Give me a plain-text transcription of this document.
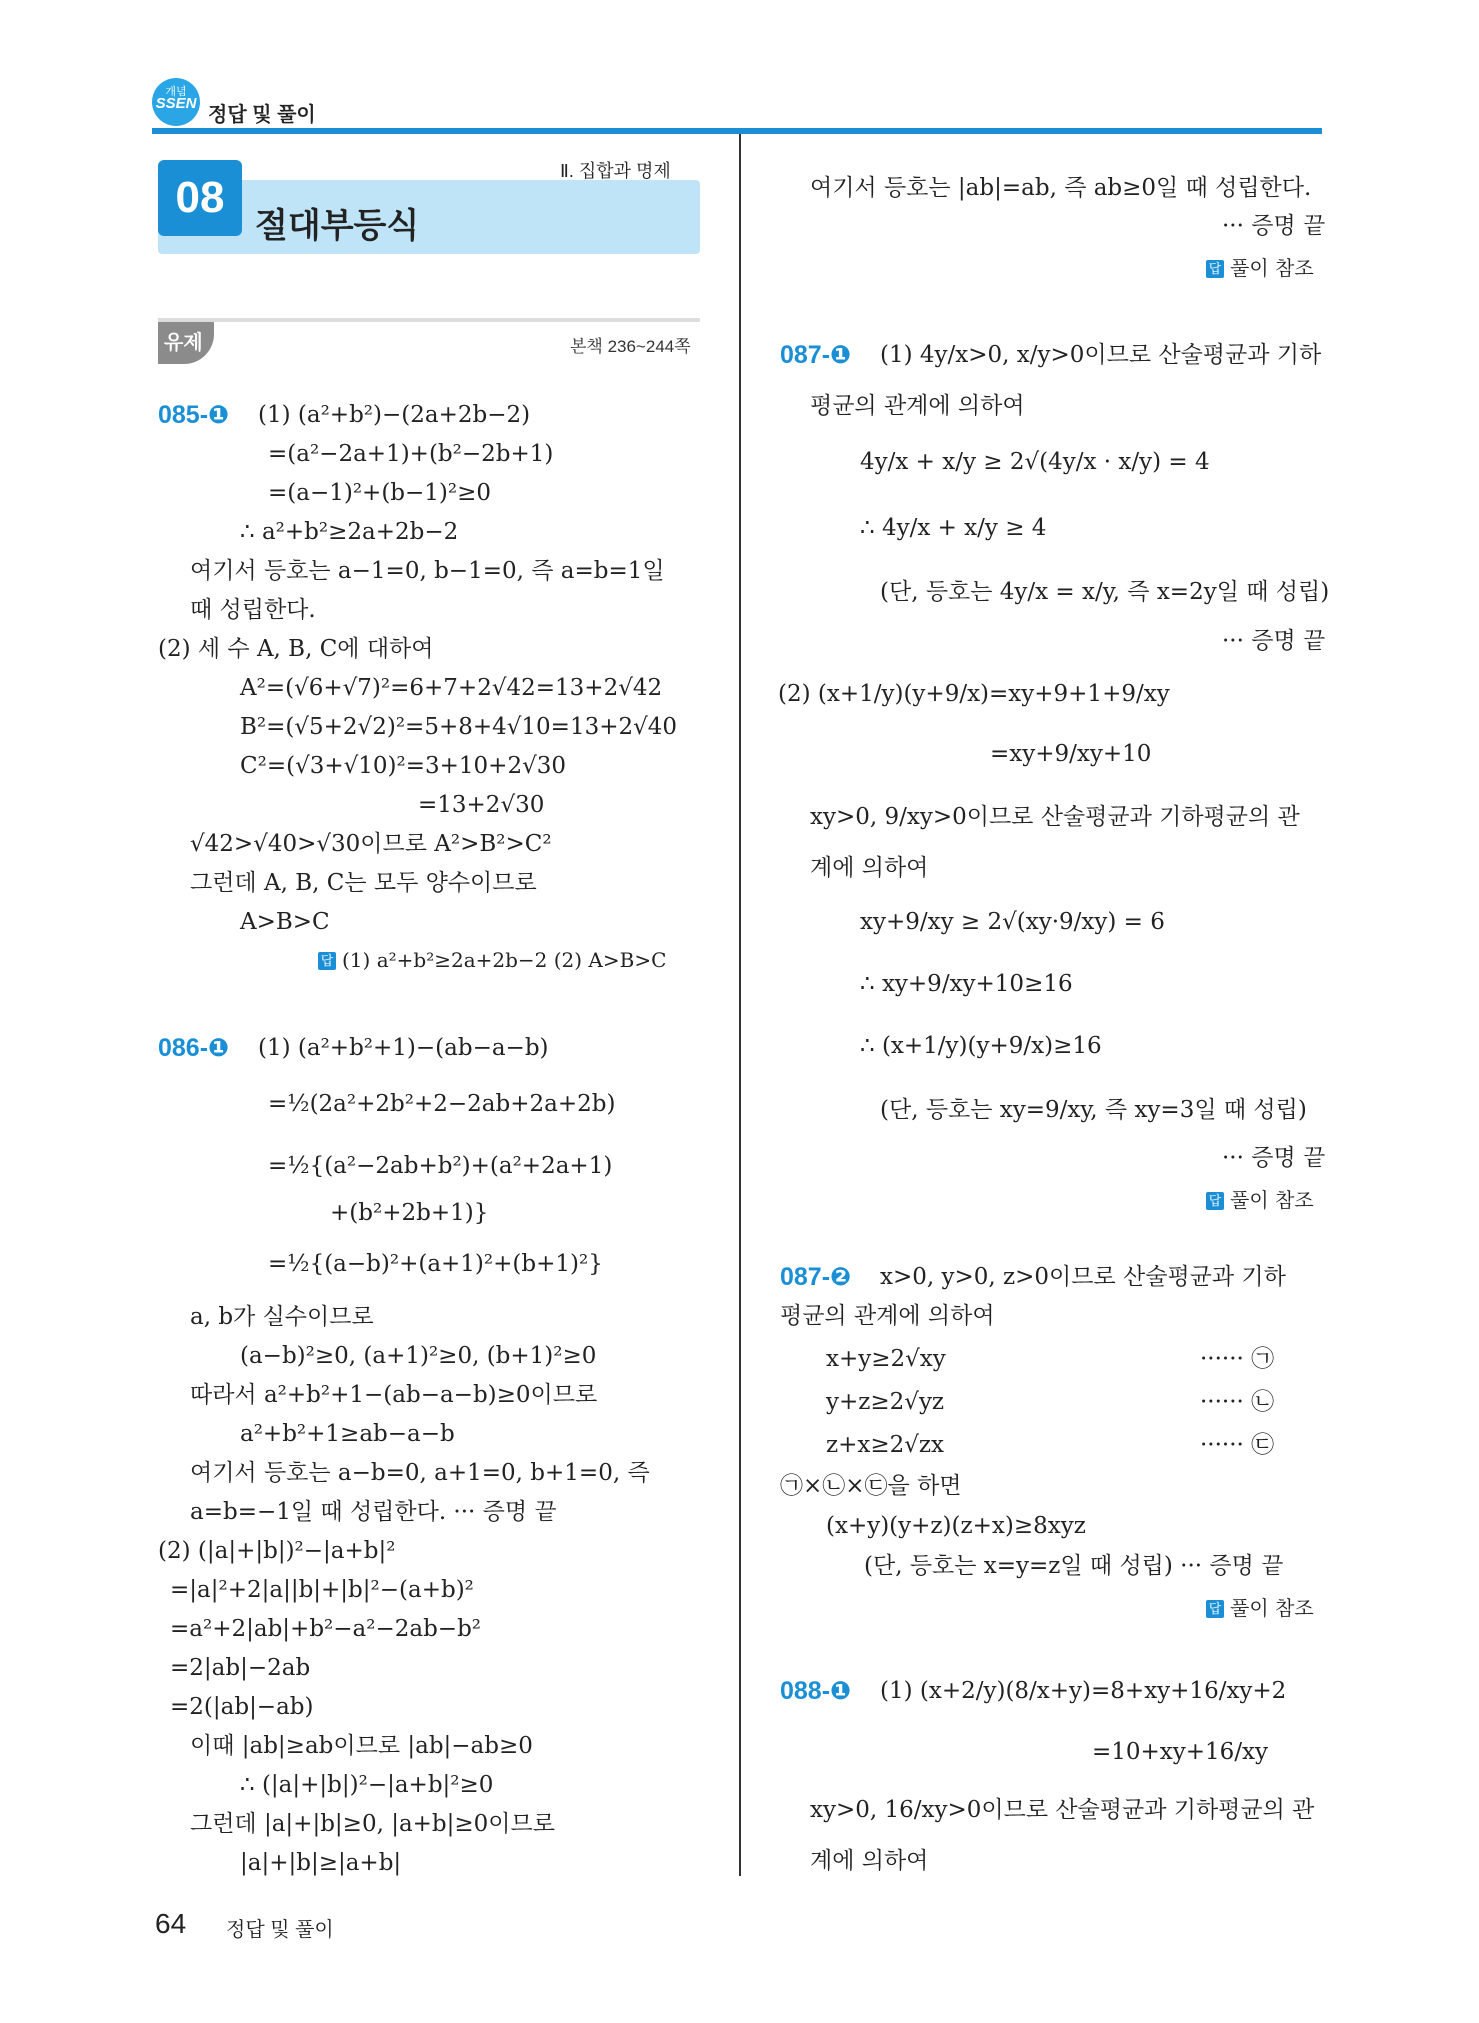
개념
SSEN
정답 및 풀이
08
절대부등식
Ⅱ. 집합과 명제
유제	본책 236~244쪽
085-❶ (1) (a²+b²)−(2a+2b−2)
=(a²−2a+1)+(b²−2b+1)
=(a−1)²+(b−1)²≥0
∴ a²+b²≥2a+2b−2
여기서 등호는 a−1=0, b−1=0, 즉 a=b=1일
때 성립한다.
(2) 세 수 A, B, C에 대하여
A²=(√6+√7)²=6+7+2√42=13+2√42
B²=(√5+2√2)²=5+8+4√10=13+2√40
C²=(√3+√10)²=3+10+2√30
=13+2√30
√42>√40>√30이므로 A²>B²>C²
그런데 A, B, C는 모두 양수이므로
A>B>C
답 (1) a²+b²≥2a+2b−2 (2) A>B>C
086-❶ (1) (a²+b²+1)−(ab−a−b)
=½(2a²+2b²+2−2ab+2a+2b)
=½{(a²−2ab+b²)+(a²+2a+1)
+(b²+2b+1)}
=½{(a−b)²+(a+1)²+(b+1)²}
a, b가 실수이므로
(a−b)²≥0, (a+1)²≥0, (b+1)²≥0
따라서 a²+b²+1−(ab−a−b)≥0이므로
a²+b²+1≥ab−a−b
여기서 등호는 a−b=0, a+1=0, b+1=0, 즉
a=b=−1일 때 성립한다. ··· 증명 끝
(2) (|a|+|b|)²−|a+b|²
=|a|²+2|a||b|+|b|²−(a+b)²
=a²+2|ab|+b²−a²−2ab−b²
=2|ab|−2ab
=2(|ab|−ab)
이때 |ab|≥ab이므로 |ab|−ab≥0
∴ (|a|+|b|)²−|a+b|²≥0
그런데 |a|+|b|≥0, |a+b|≥0이므로
|a|+|b|≥|a+b|
여기서 등호는 |ab|=ab, 즉 ab≥0일 때 성립한다.
··· 증명 끝
답 풀이 참조
087-❶ (1) 4y/x>0, x/y>0이므로 산술평균과 기하
평균의 관계에 의하여
4y/x + x/y ≥ 2√(4y/x · x/y) = 4
∴ 4y/x + x/y ≥ 4
(단, 등호는 4y/x = x/y, 즉 x=2y일 때 성립)
··· 증명 끝
(2) (x+1/y)(y+9/x)=xy+9+1+9/xy
=xy+9/xy+10
xy>0, 9/xy>0이므로 산술평균과 기하평균의 관
계에 의하여
xy+9/xy ≥ 2√(xy·9/xy) = 6
∴ xy+9/xy+10≥16
∴ (x+1/y)(y+9/x)≥16
(단, 등호는 xy=9/xy, 즉 xy=3일 때 성립)
··· 증명 끝
답 풀이 참조
087-❷ x>0, y>0, z>0이므로 산술평균과 기하
평균의 관계에 의하여
x+y≥2√xy	······ ㉠
y+z≥2√yz	······ ㉡
z+x≥2√zx	······ ㉢
㉠×㉡×㉢을 하면
(x+y)(y+z)(z+x)≥8xyz
(단, 등호는 x=y=z일 때 성립) ··· 증명 끝
답 풀이 참조
088-❶ (1) (x+2/y)(8/x+y)=8+xy+16/xy+2
=10+xy+16/xy
xy>0, 16/xy>0이므로 산술평균과 기하평균의 관
계에 의하여
64 정답 및 풀이
